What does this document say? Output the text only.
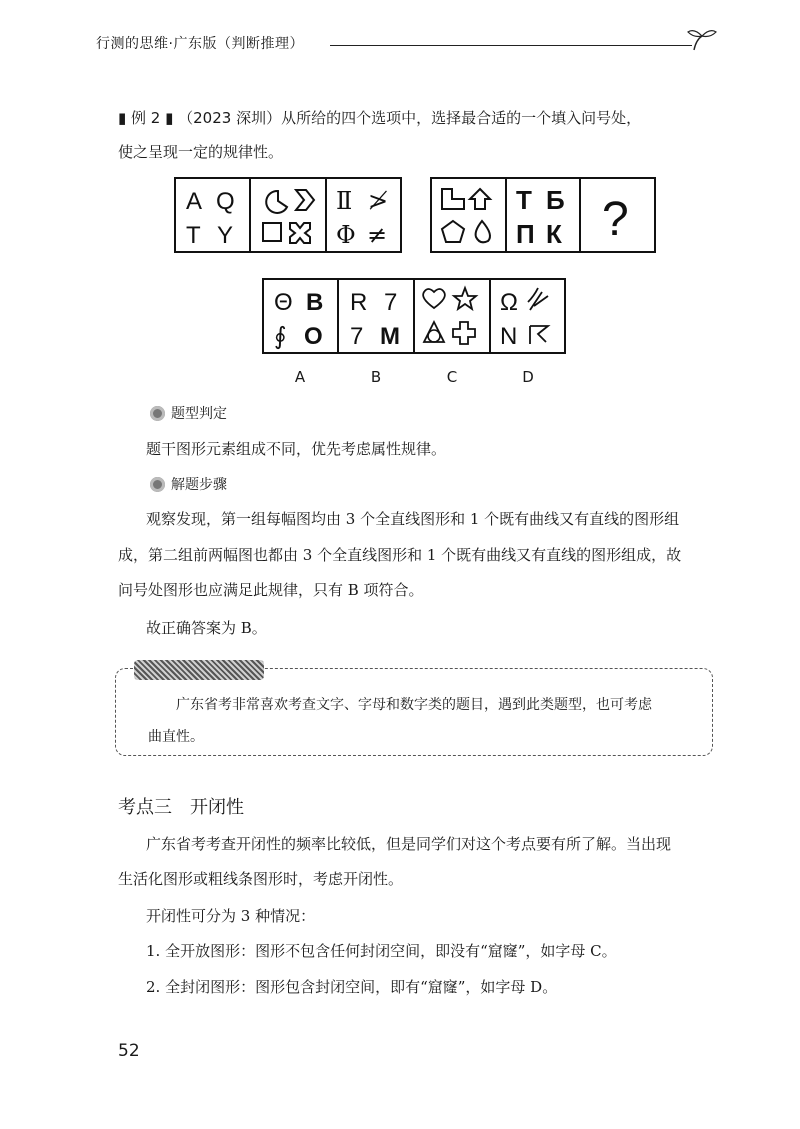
行测的思维·广东版（判断推理）
▮ 例 2 ▮ （2023 深圳）从所给的四个选项中，选择最合适的一个填入问号处，
使之呈现一定的规律性。
A Q
T Y
Ⅱ ≯
Φ ≠
Т Б
П К ?
Θ B
∮ O
R 7
7 M
Ω
N
A	B	C	D
题型判定
题干图形元素组成不同，优先考虑属性规律。
解题步骤
观察发现，第一组每幅图均由 3 个全直线图形和 1 个既有曲线又有直线的图形组
成，第二组前两幅图也都由 3 个全直线图形和 1 个既有曲线又有直线的图形组成，故
问号处图形也应满足此规律，只有 B 项符合。
故正确答案为 B。
广东省考非常喜欢考查文字、字母和数字类的题目，遇到此类题型，也可考虑
曲直性。
考点三　开闭性
广东省考考查开闭性的频率比较低，但是同学们对这个考点要有所了解。当出现
生活化图形或粗线条图形时，考虑开闭性。
开闭性可分为 3 种情况：
1. 全开放图形：图形不包含任何封闭空间，即没有“窟窿”，如字母 C。
2. 全封闭图形：图形包含封闭空间，即有“窟窿”，如字母 D。
52
